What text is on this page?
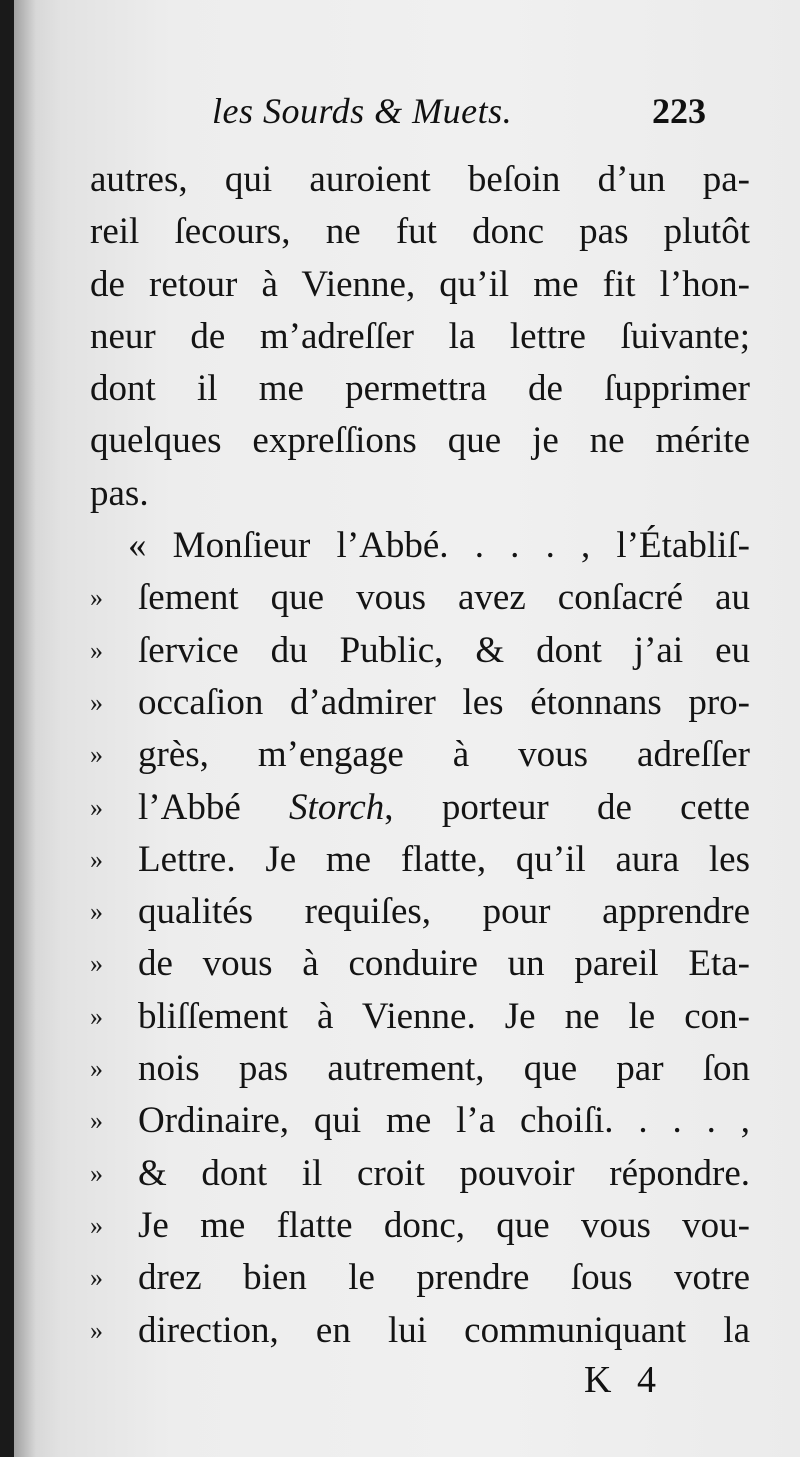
les Sourds & Muets.	223
autres, qui auroient beſoin d’un pa-
reil ſecours, ne fut donc pas plutôt
de retour à Vienne, qu’il me fit l’hon-
neur de m’adreſſer la lettre ſuivante;
dont il me permettra de ſupprimer
quelques expreſſions que je ne mérite
pas.
« Monſieur l’Abbé. . . . , l’Établiſ-
» ſement que vous avez conſacré au
» ſervice du Public, & dont j’ai eu
» occaſion d’admirer les étonnans pro-
» grès, m’engage à vous adreſſer
» l’Abbé Storch, porteur de cette
» Lettre. Je me flatte, qu’il aura les
» qualités requiſes, pour apprendre
» de vous à conduire un pareil Eta-
» bliſſement à Vienne. Je ne le con-
» nois pas autrement, que par ſon
» Ordinaire, qui me l’a choiſi. . . . ,
» & dont il croit pouvoir répondre.
» Je me flatte donc, que vous vou-
» drez bien le prendre ſous votre
» direction, en lui communiquant la
K 4
